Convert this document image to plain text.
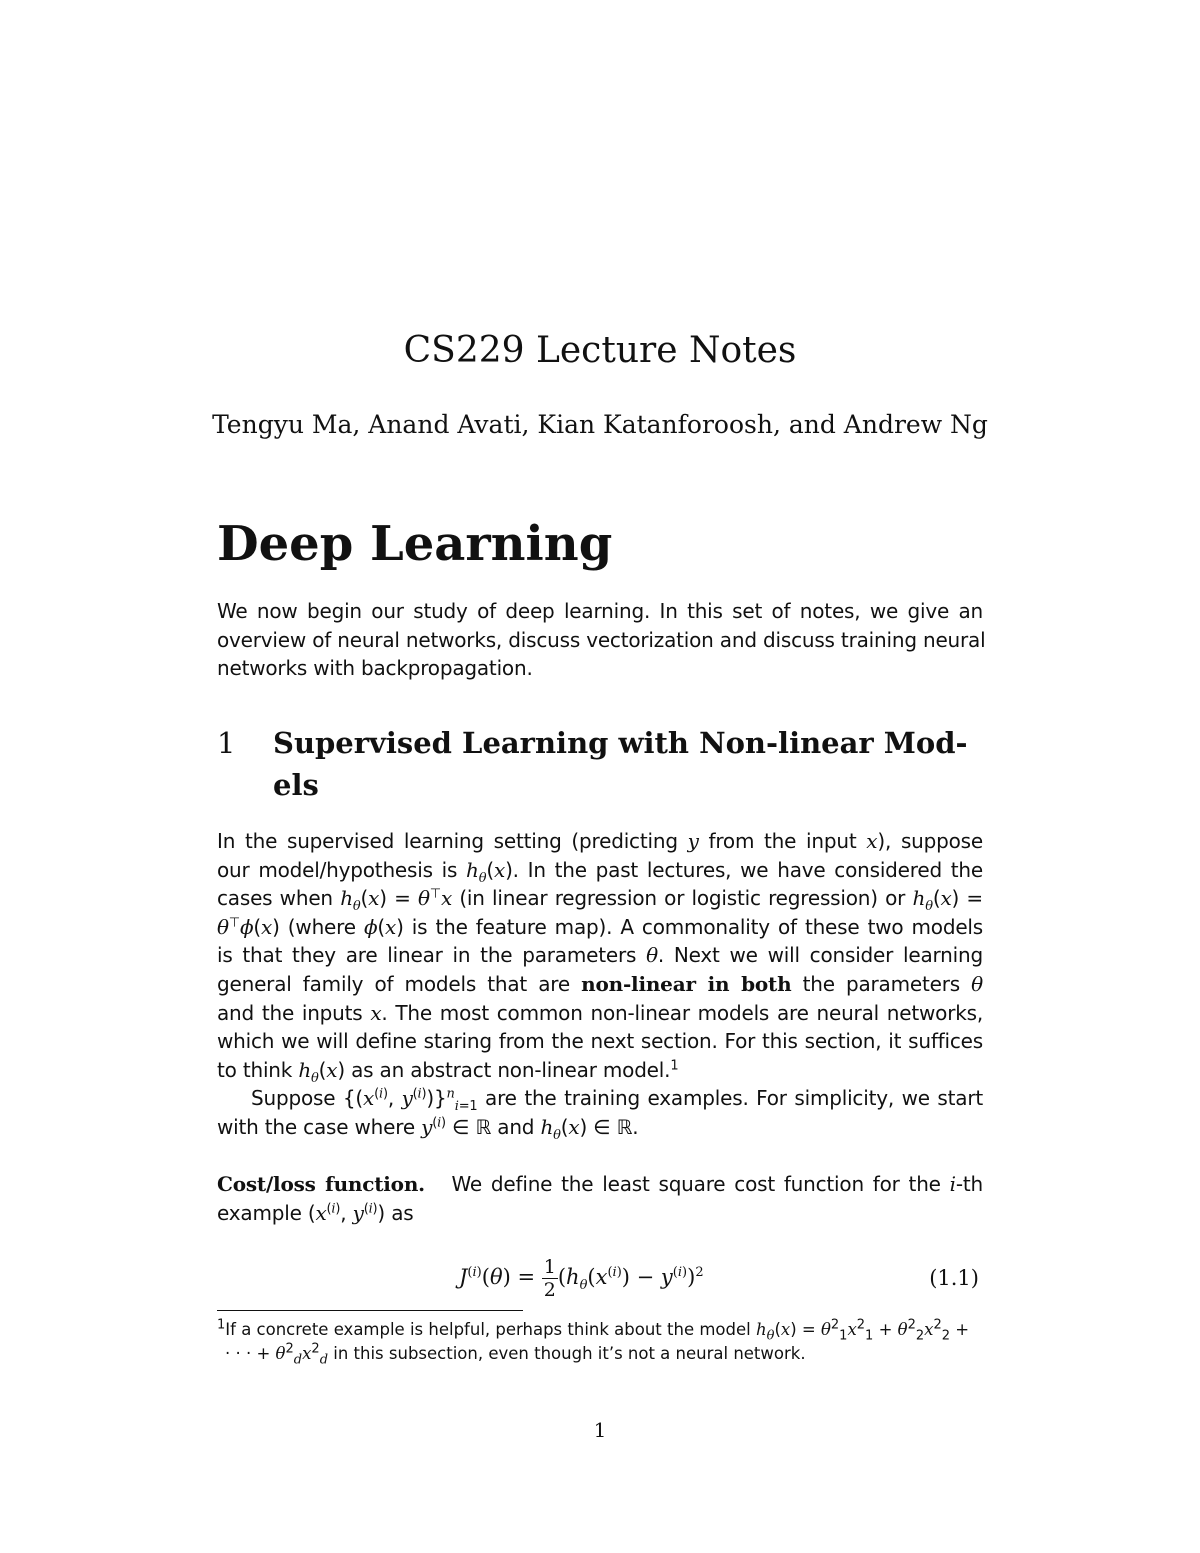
CS229 Lecture Notes
Tengyu Ma, Anand Avati, Kian Katanforoosh, and Andrew Ng
Deep Learning

We now begin our study of deep learning. In this set of notes, we give an
overview of neural networks, discuss vectorization and discuss training neural
networks with backpropagation.

1	Supervised Learning with Non-linear Mod-
els

In the supervised learning setting (predicting y from the input x), suppose
our model/hypothesis is $h_\theta(x)$. In the past lectures, we have considered the
cases when $h_\theta(x) = \theta^⊤x$ (in linear regression or logistic regression) or $h_\theta(x)$ =
θ⊤ϕ(x) (where ϕ(x) is the feature map). A commonality of these two models
is that they are linear in the parameters θ. Next we will consider learning
general family of models that are non-linear in both the parameters θ
and the inputs x. The most common non-linear models are neural networks,
which we will define staring from the next section. For this section, it suffices
to think $h_\theta(x)$ as an abstract non-linear model.$^1$
Suppose {($x^{(i)}$, $y^{(i)})\}^n_{i=1}$ are the training examples. For simplicity, we start
with the case where $y^{(i)}$ ∈ ℝ and $h_\theta(x)$ ∈ ℝ.

Cost/loss function. We define the least square cost function for the i-th
example ($x^{(i)}$, $y^{(i)}$) as

$J^{(i)}(\theta) = \frac{1}{2} (h_\theta(x^{(i)}) - y^{(i)})^2$	(1.1)
$^1$If a concrete example is helpful, perhaps think about the model $h_\theta(x) = \theta^2_1x^2_1 + \theta^2_2x^2_2$ +
· · · + $\theta^2_dx^2_d$ in this subsection, even though it’s not a neural network.
1
